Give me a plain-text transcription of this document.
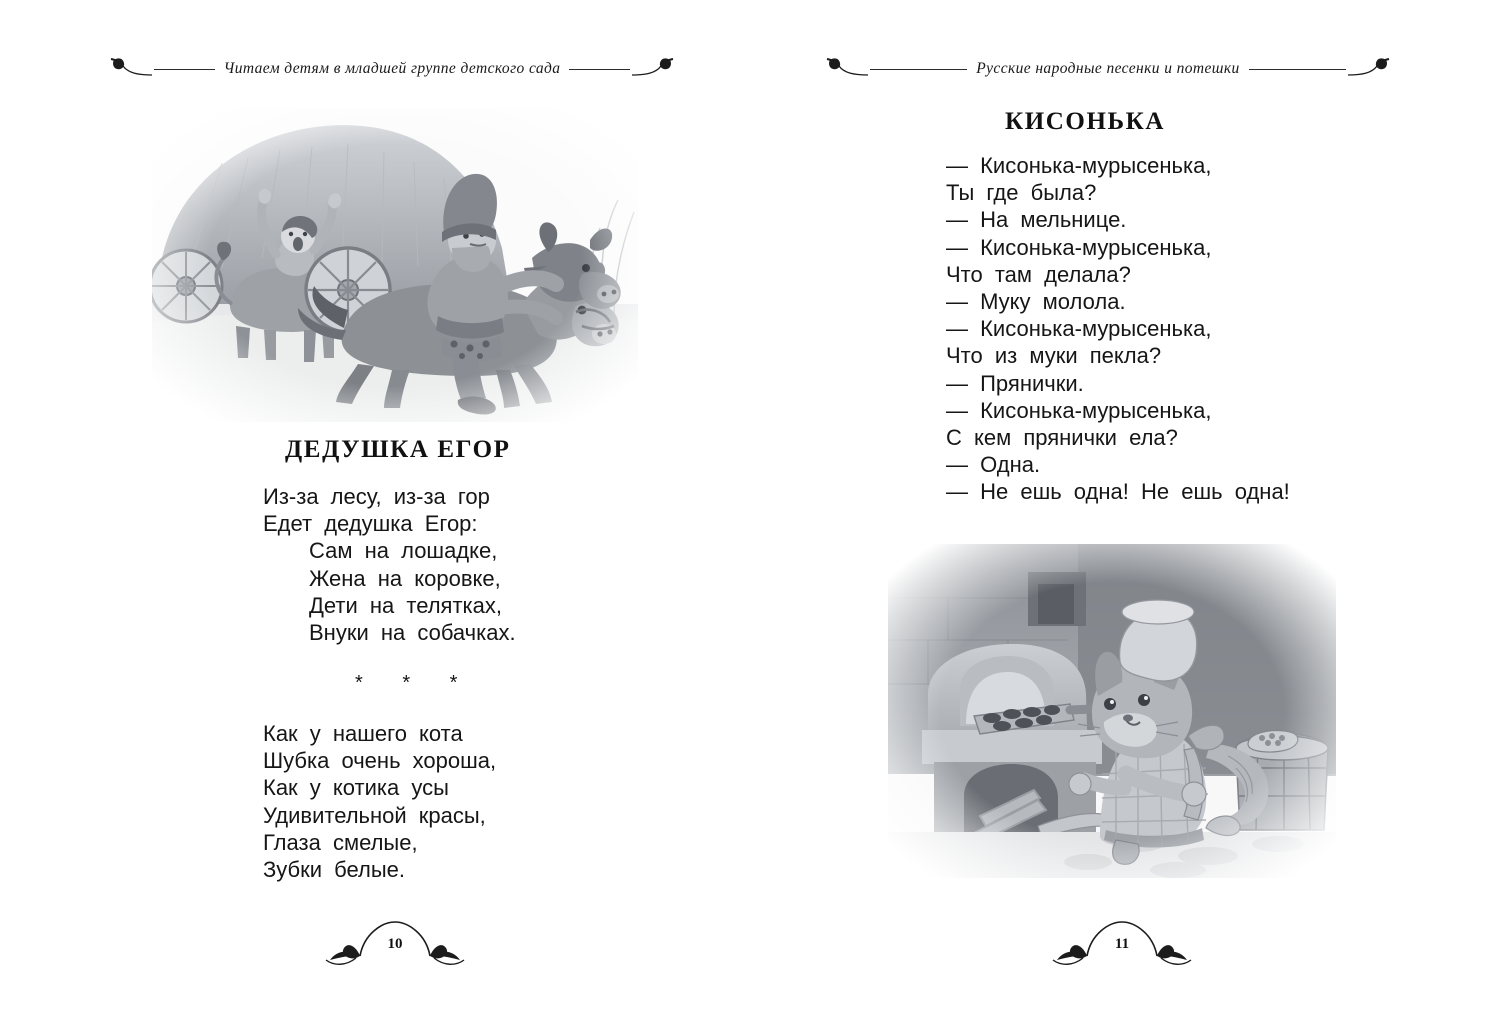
Читаем детям в младшей группе детского сада
ДЕДУШКА ЕГОР
Из-за лесу, из-за гор
Едет дедушка Егор:
Сам на лошадке,
Жена на коровке,
Дети на телятках,
Внуки на собачках.
* * *
Как у нашего кота
Шубка очень хороша,
Как у котика усы
Удивительной красы,
Глаза смелые,
Зубки белые.
10
Русские народные песенки и потешки
КИСОНЬКА
— Кисонька-мурысенька,
Ты где была?
— На мельнице.
— Кисонька-мурысенька,
Что там делала?
— Муку молола.
— Кисонька-мурысенька,
Что из муки пекла?
— Прянички.
— Кисонька-мурысенька,
С кем прянички ела?
— Одна.
— Не ешь одна! Не ешь одна!
11
